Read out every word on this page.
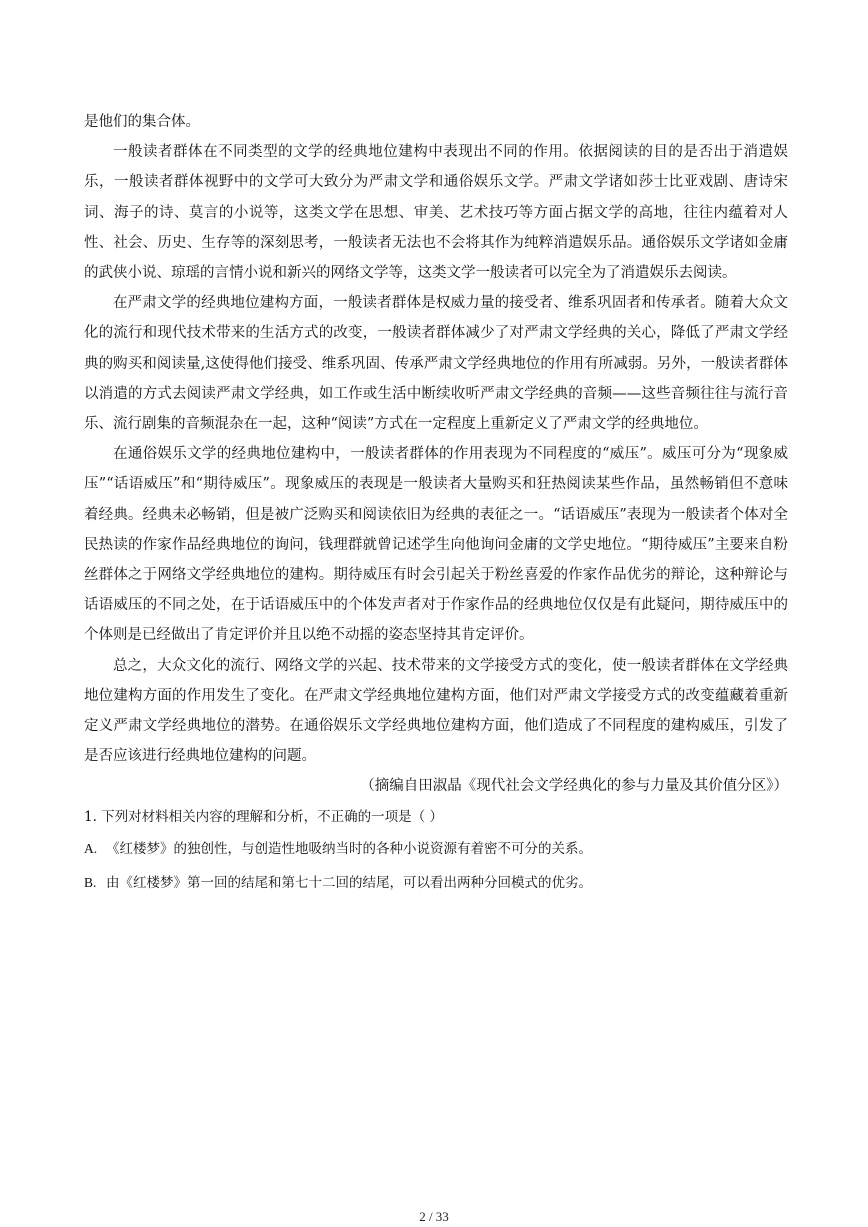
是他们的集合体。

一般读者群体在不同类型的文学的经典地位建构中表现出不同的作用。依据阅读的目的是否出于消遣娱乐，一般读者群体视野中的文学可大致分为严肃文学和通俗娱乐文学。严肃文学诸如莎士比亚戏剧、唐诗宋词、海子的诗、莫言的小说等，这类文学在思想、审美、艺术技巧等方面占据文学的高地，往往内蕴着对人性、社会、历史、生存等的深刻思考，一般读者无法也不会将其作为纯粹消遣娱乐品。通俗娱乐文学诸如金庸的武侠小说、琼瑶的言情小说和新兴的网络文学等，这类文学一般读者可以完全为了消遣娱乐去阅读。

在严肃文学的经典地位建构方面，一般读者群体是权威力量的接受者、维系巩固者和传承者。随着大众文化的流行和现代技术带来的生活方式的改变，一般读者群体减少了对严肃文学经典的关心，降低了严肃文学经典的购买和阅读量,这使得他们接受、维系巩固、传承严肃文学经典地位的作用有所减弱。另外，一般读者群体以消遣的方式去阅读严肃文学经典，如工作或生活中断续收听严肃文学经典的音频——这些音频往往与流行音乐、流行剧集的音频混杂在一起，这种“阅读”方式在一定程度上重新定义了严肃文学的经典地位。

在通俗娱乐文学的经典地位建构中，一般读者群体的作用表现为不同程度的“威压”。威压可分为“现象威压”“话语威压”和“期待威压”。现象威压的表现是一般读者大量购买和狂热阅读某些作品，虽然畅销但不意味着经典。经典未必畅销，但是被广泛购买和阅读依旧为经典的表征之一。“话语威压”表现为一般读者个体对全民热读的作家作品经典地位的询问，钱理群就曾记述学生向他询问金庸的文学史地位。“期待威压”主要来自粉丝群体之于网络文学经典地位的建构。期待威压有时会引起关于粉丝喜爱的作家作品优劣的辩论，这种辩论与话语威压的不同之处，在于话语威压中的个体发声者对于作家作品的经典地位仅仅是有此疑问，期待威压中的个体则是已经做出了肯定评价并且以绝不动摇的姿态坚持其肯定评价。

总之，大众文化的流行、网络文学的兴起、技术带来的文学接受方式的变化，使一般读者群体在文学经典地位建构方面的作用发生了变化。在严肃文学经典地位建构方面，他们对严肃文学接受方式的改变蕴藏着重新定义严肃文学经典地位的潜势。在通俗娱乐文学经典地位建构方面，他们造成了不同程度的建构威压，引发了是否应该进行经典地位建构的问题。

（摘编自田淑晶《现代社会文学经典化的参与力量及其价值分区》）

1. 下列对材料相关内容的理解和分析，不正确的一项是（ ）

A. 《红楼梦》的独创性，与创造性地吸纳当时的各种小说资源有着密不可分的关系。

B. 由《红楼梦》第一回的结尾和第七十二回的结尾，可以看出两种分回模式的优劣。

2 / 33
